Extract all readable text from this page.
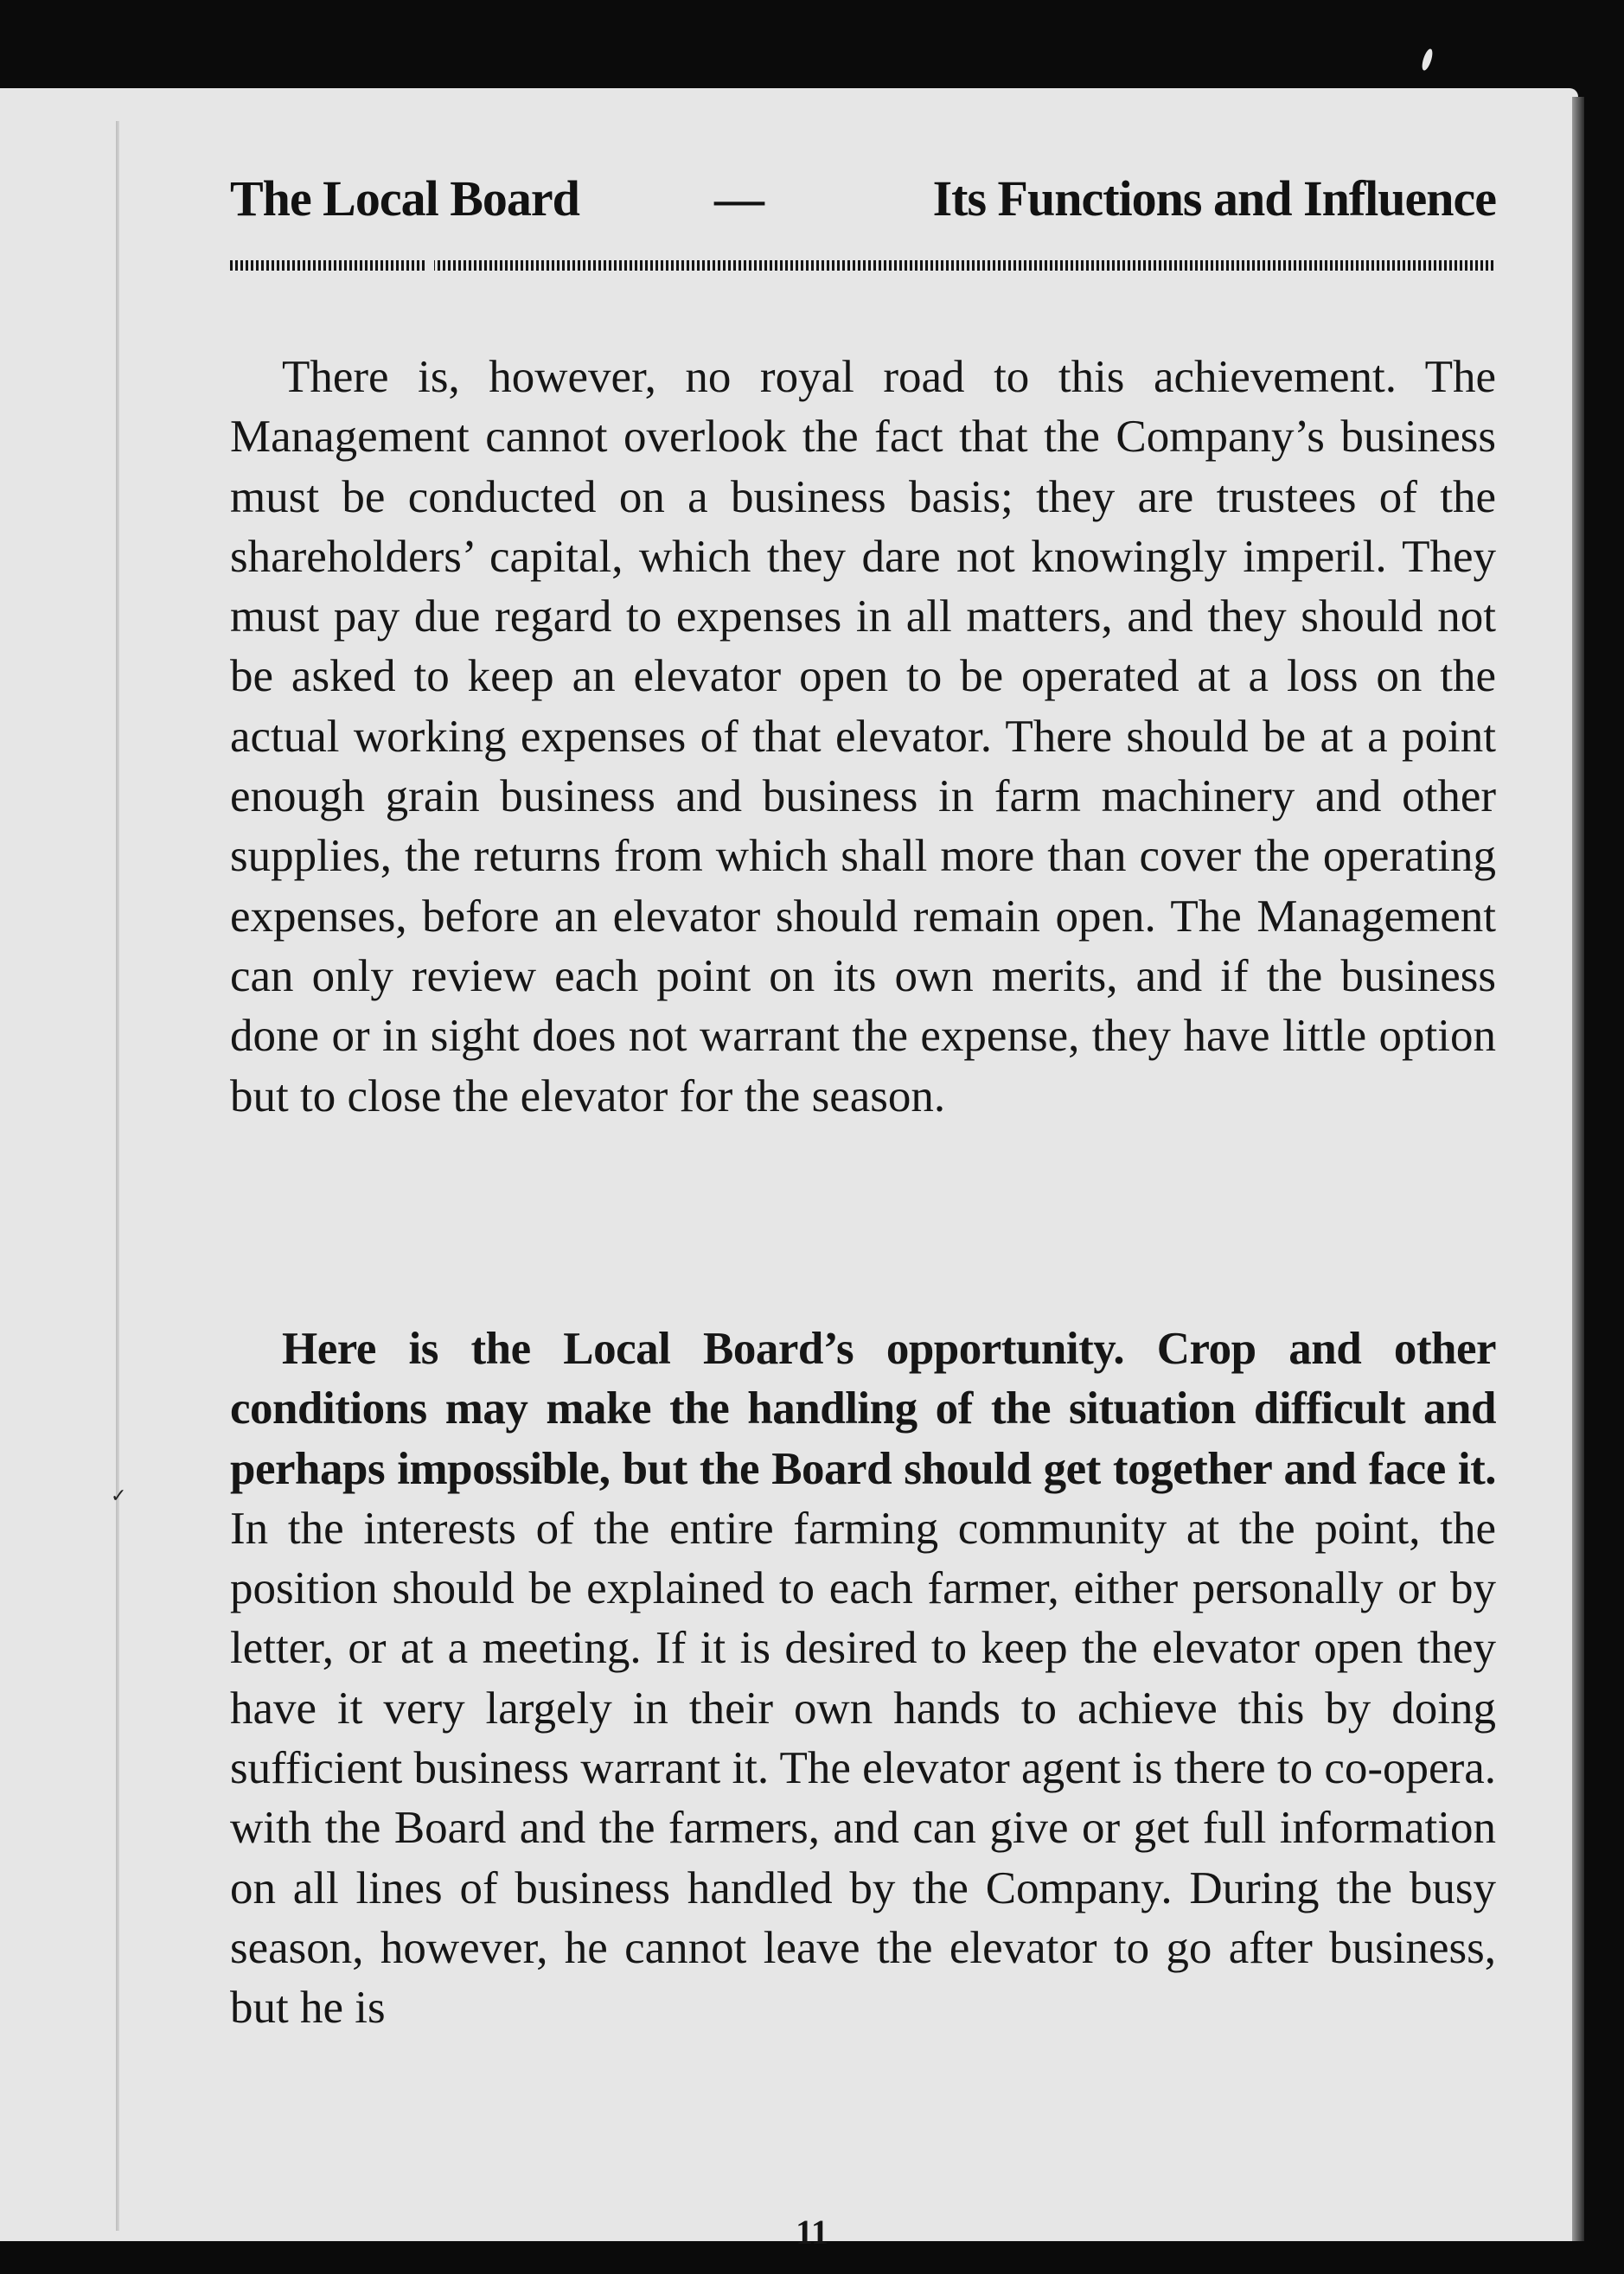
✓
The Local Board	—	Its Functions and Influence

There is, however, no royal road to this achievement. The Management cannot overlook the fact that the Company’s business must be conducted on a business basis; they are trustees of the shareholders’ capital, which they dare not knowingly imperil. They must pay due regard to expenses in all matters, and they should not be asked to keep an elevator open to be operated at a loss on the actual working expenses of that elevator. There should be at a point enough grain business and business in farm machinery and other supplies, the returns from which shall more than cover the operating expenses, before an elevator should remain open. The Management can only review each point on its own merits, and if the business done or in sight does not warrant the expense, they have little option but to close the elevator for the season.

Here is the Local Board’s opportunity. Crop and other conditions may make the handling of the situation difficult and perhaps impossible, but the Board should get together and face it. In the interests of the entire farming community at the point, the position should be explained to each farmer, either personally or by letter, or at a meeting. If it is desired to keep the elevator open they have it very largely in their own hands to achieve this by doing sufficient business warrant it. The elevator agent is there to co-opera. with the Board and the farmers, and can give or get full information on all lines of business handled by the Company. During the busy season, however, he cannot leave the elevator to go after business, but he is

11
